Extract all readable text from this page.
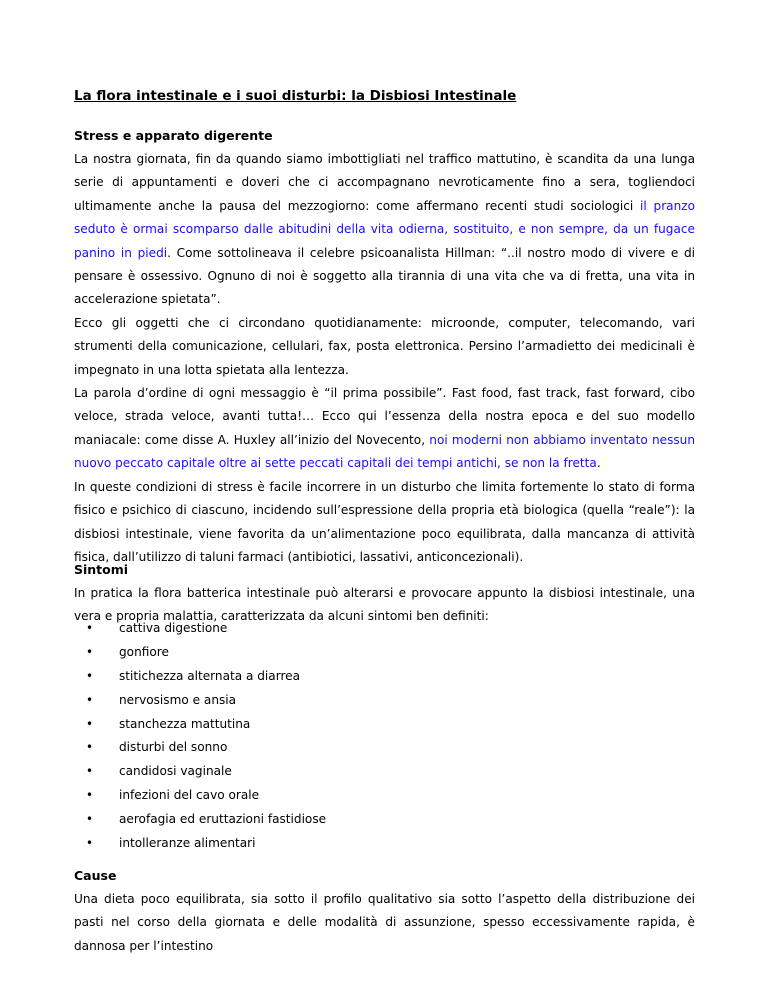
La flora intestinale e i suoi disturbi: la Disbiosi Intestinale
Stress e apparato digerente

La nostra giornata, fin da quando siamo imbottigliati nel traffico mattutino, è scandita da una lunga serie di appuntamenti e doveri che ci accompagnano nevroticamente fino a sera, togliendoci ultimamente anche la pausa del mezzogiorno: come affermano recenti studi sociologici il pranzo seduto è ormai scomparso dalle abitudini della vita odierna, sostituito, e non sempre, da un fugace panino in piedi. Come sottolineava il celebre psicoanalista Hillman: “..il nostro modo di vivere e di pensare è ossessivo. Ognuno di noi è soggetto alla tirannia di una vita che va di fretta, una vita in accelerazione spietata”.

Ecco gli oggetti che ci circondano quotidianamente: microonde, computer, telecomando, vari strumenti della comunicazione, cellulari, fax, posta elettronica. Persino l’armadietto dei medicinali è impegnato in una lotta spietata alla lentezza.

La parola d’ordine di ogni messaggio è “il prima possibile”. Fast food, fast track, fast forward, cibo veloce, strada veloce, avanti tutta!… Ecco qui l’essenza della nostra epoca e del suo modello maniacale: come disse A. Huxley all’inizio del Novecento, noi moderni non abbiamo inventato nessun nuovo peccato capitale oltre ai sette peccati capitali dei tempi antichi, se non la fretta.

In queste condizioni di stress è facile incorrere in un disturbo che limita fortemente lo stato di forma fisico e psichico di ciascuno, incidendo sull’espressione della propria età biologica (quella “reale”): la disbiosi intestinale, viene favorita da un’alimentazione poco equilibrata, dalla mancanza di attività fisica, dall’utilizzo di taluni farmaci (antibiotici, lassativi, anticoncezionali).

Sintomi

In pratica la flora batterica intestinale può alterarsi e provocare appunto la disbiosi intestinale, una vera e propria malattia, caratterizzata da alcuni sintomi ben definiti:

• cattiva digestione
• gonfiore
• stitichezza alternata a diarrea
• nervosismo e ansia
• stanchezza mattutina
• disturbi del sonno
• candidosi vaginale
• infezioni del cavo orale
• aerofagia ed eruttazioni fastidiose
• intolleranze alimentari
Cause

Una dieta poco equilibrata, sia sotto il profilo qualitativo sia sotto l’aspetto della distribuzione dei pasti nel corso della giornata e delle modalità di assunzione, spesso eccessivamente rapida, è dannosa per l’intestino
